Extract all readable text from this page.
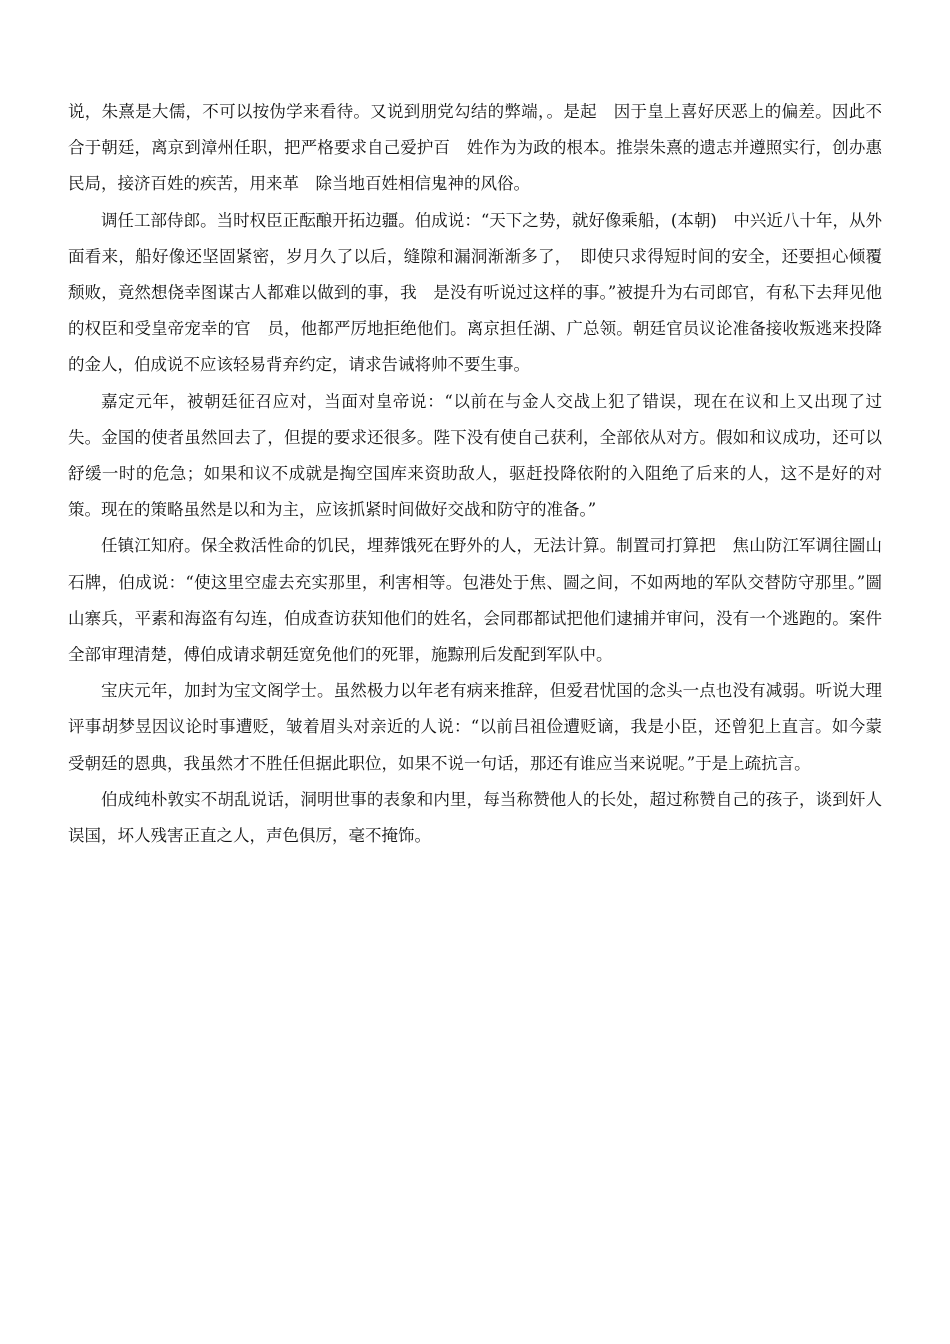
说，朱熹是大儒，不可以按伪学来看待。又说到朋党勾结的弊端，。是起　因于皇上喜好厌恶上的偏差。因此不合于朝廷，离京到漳州任职，把严格要求自己爱护百　姓作为为政的根本。推崇朱熹的遗志并遵照实行，创办惠民局，接济百姓的疾苦，用来革　除当地百姓相信鬼神的风俗。

调任工部侍郎。当时权臣正酝酿开拓边疆。伯成说：“天下之势，就好像乘船，(本朝)　中兴近八十年，从外面看来，船好像还坚固紧密，岁月久了以后，缝隙和漏洞渐渐多了，　即使只求得短时间的安全，还要担心倾覆颓败，竟然想侥幸图谋古人都难以做到的事，我　是没有听说过这样的事。”被提升为右司郎官，有私下去拜见他的权臣和受皇帝宠幸的官　员，他都严厉地拒绝他们。离京担任湖、广总领。朝廷官员议论准备接收叛逃来投降的金人，伯成说不应该轻易背弃约定，请求告诫将帅不要生事。

嘉定元年，被朝廷征召应对，当面对皇帝说：“以前在与金人交战上犯了错误，现在在议和上又出现了过失。金国的使者虽然回去了，但提的要求还很多。陛下没有使自己获利，全部依从对方。假如和议成功，还可以舒缓一时的危急；如果和议不成就是掏空国库来资助敌人，驱赶投降依附的入阻绝了后来的人，这不是好的对策。现在的策略虽然是以和为主，应该抓紧时间做好交战和防守的准备。”

任镇江知府。保全救活性命的饥民，埋葬饿死在野外的人，无法计算。制置司打算把　焦山防江军调往圌山石牌，伯成说：“使这里空虚去充实那里，利害相等。包港处于焦、圌之间，不如两地的军队交替防守那里。”圌山寨兵，平素和海盗有勾连，伯成查访获知他们的姓名，会同郡都试把他们逮捕并审问，没有一个逃跑的。案件全部审理清楚，傅伯成请求朝廷宽免他们的死罪，施黥刑后发配到军队中。

宝庆元年，加封为宝文阁学士。虽然极力以年老有病来推辞，但爱君忧国的念头一点也没有减弱。听说大理评事胡梦昱因议论时事遭贬，皱着眉头对亲近的人说：“以前吕祖俭遭贬谪，我是小臣，还曾犯上直言。如今蒙受朝廷的恩典，我虽然才不胜任但据此职位，如果不说一句话，那还有谁应当来说呢。”于是上疏抗言。

伯成纯朴敦实不胡乱说话，洞明世事的表象和内里，每当称赞他人的长处，超过称赞自己的孩子，谈到奸人误国，坏人残害正直之人，声色俱厉，毫不掩饰。
